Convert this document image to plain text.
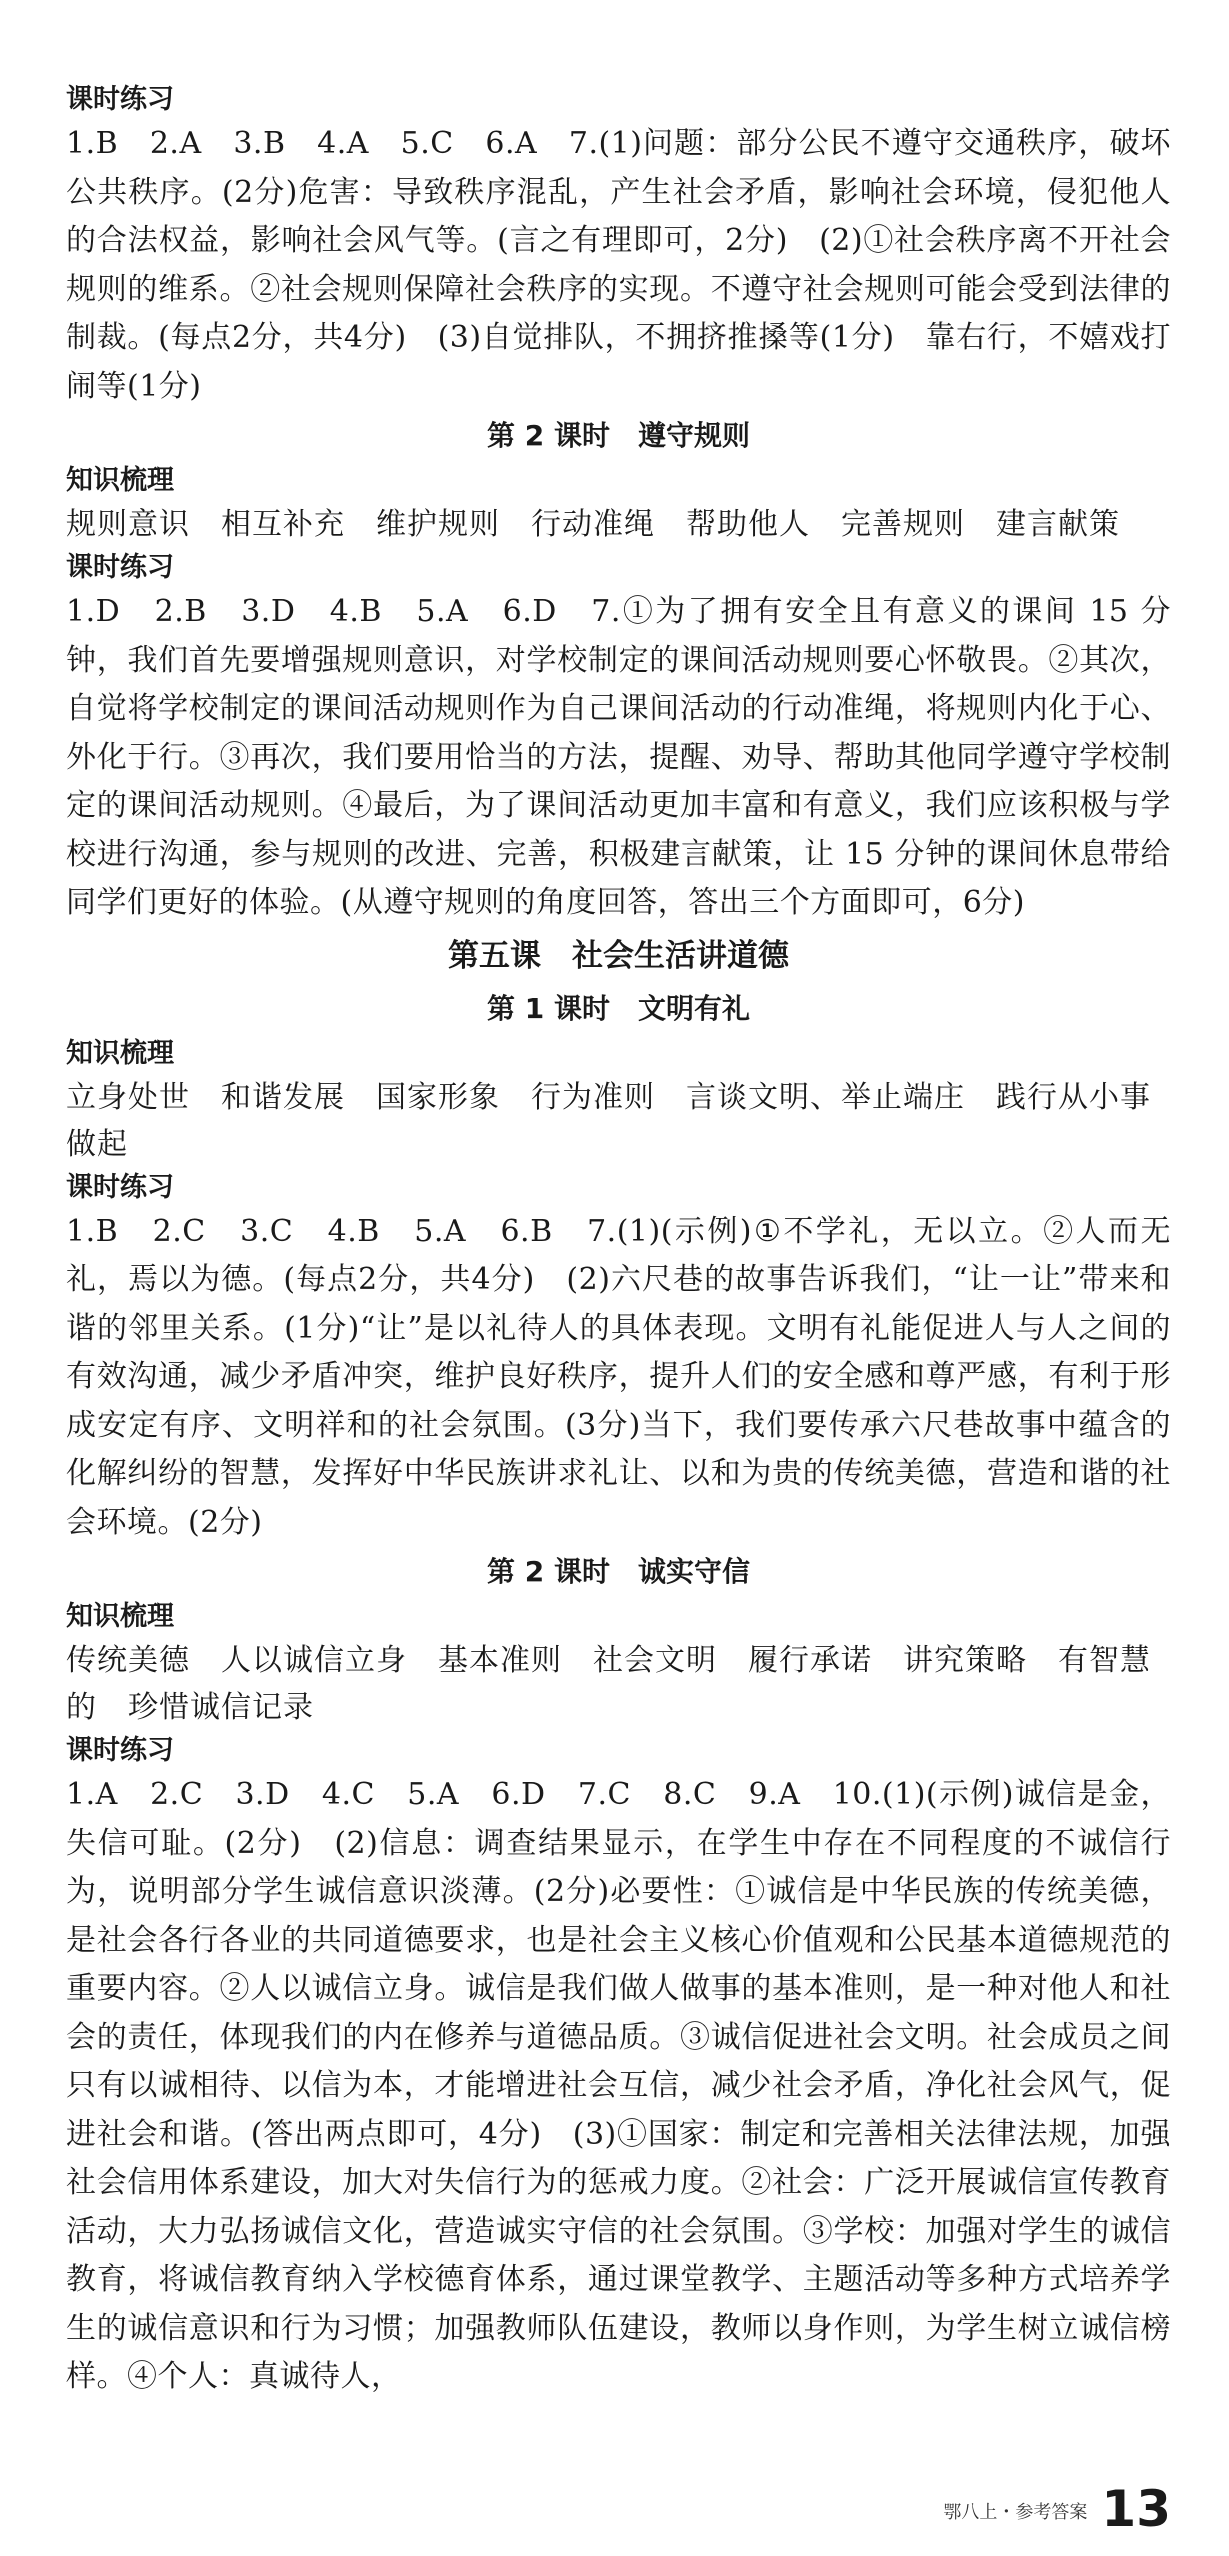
课时练习

1.B　2.A　3.B　4.A　5.C　6.A　7.(1)问题：部分公民不遵守交通秩序，破坏公共秩序。(2分)危害：导致秩序混乱，产生社会矛盾，影响社会环境，侵犯他人的合法权益，影响社会风气等。(言之有理即可，2分)　(2)①社会秩序离不开社会规则的维系。②社会规则保障社会秩序的实现。不遵守社会规则可能会受到法律的制裁。(每点2分，共4分)　(3)自觉排队，不拥挤推搡等(1分)　靠右行，不嬉戏打闹等(1分)

第 2 课时　遵守规则

知识梳理

规则意识　相互补充　维护规则　行动准绳　帮助他人　完善规则　建言献策

课时练习

1.D　2.B　3.D　4.B　5.A　6.D　7.①为了拥有安全且有意义的课间 15 分钟，我们首先要增强规则意识，对学校制定的课间活动规则要心怀敬畏。②其次，自觉将学校制定的课间活动规则作为自己课间活动的行动准绳，将规则内化于心、外化于行。③再次，我们要用恰当的方法，提醒、劝导、帮助其他同学遵守学校制定的课间活动规则。④最后，为了课间活动更加丰富和有意义，我们应该积极与学校进行沟通，参与规则的改进、完善，积极建言献策，让 15 分钟的课间休息带给同学们更好的体验。(从遵守规则的角度回答，答出三个方面即可，6分)

第五课　社会生活讲道德

第 1 课时　文明有礼

知识梳理

立身处世　和谐发展　国家形象　行为准则　言谈文明、举止端庄　践行从小事做起

课时练习

1.B　2.C　3.C　4.B　5.A　6.B　7.(1)(示例)①不学礼，无以立。②人而无礼，焉以为德。(每点2分，共4分)　(2)六尺巷的故事告诉我们，“让一让”带来和谐的邻里关系。(1分)“让”是以礼待人的具体表现。文明有礼能促进人与人之间的有效沟通，减少矛盾冲突，维护良好秩序，提升人们的安全感和尊严感，有利于形成安定有序、文明祥和的社会氛围。(3分)当下，我们要传承六尺巷故事中蕴含的化解纠纷的智慧，发挥好中华民族讲求礼让、以和为贵的传统美德，营造和谐的社会环境。(2分)

第 2 课时　诚实守信

知识梳理

传统美德　人以诚信立身　基本准则　社会文明　履行承诺　讲究策略　有智慧的　珍惜诚信记录

课时练习

1.A　2.C　3.D　4.C　5.A　6.D　7.C　8.C　9.A　10.(1)(示例)诚信是金，失信可耻。(2分)　(2)信息：调查结果显示，在学生中存在不同程度的不诚信行为，说明部分学生诚信意识淡薄。(2分)必要性：①诚信是中华民族的传统美德，是社会各行各业的共同道德要求，也是社会主义核心价值观和公民基本道德规范的重要内容。②人以诚信立身。诚信是我们做人做事的基本准则，是一种对他人和社会的责任，体现我们的内在修养与道德品质。③诚信促进社会文明。社会成员之间只有以诚相待、以信为本，才能增进社会互信，减少社会矛盾，净化社会风气，促进社会和谐。(答出两点即可，4分)　(3)①国家：制定和完善相关法律法规，加强社会信用体系建设，加大对失信行为的惩戒力度。②社会：广泛开展诚信宣传教育活动，大力弘扬诚信文化，营造诚实守信的社会氛围。③学校：加强对学生的诚信教育，将诚信教育纳入学校德育体系，通过课堂教学、主题活动等多种方式培养学生的诚信意识和行为习惯；加强教师队伍建设，教师以身作则，为学生树立诚信榜样。④个人：真诚待人，

鄂八上・参考答案 13
